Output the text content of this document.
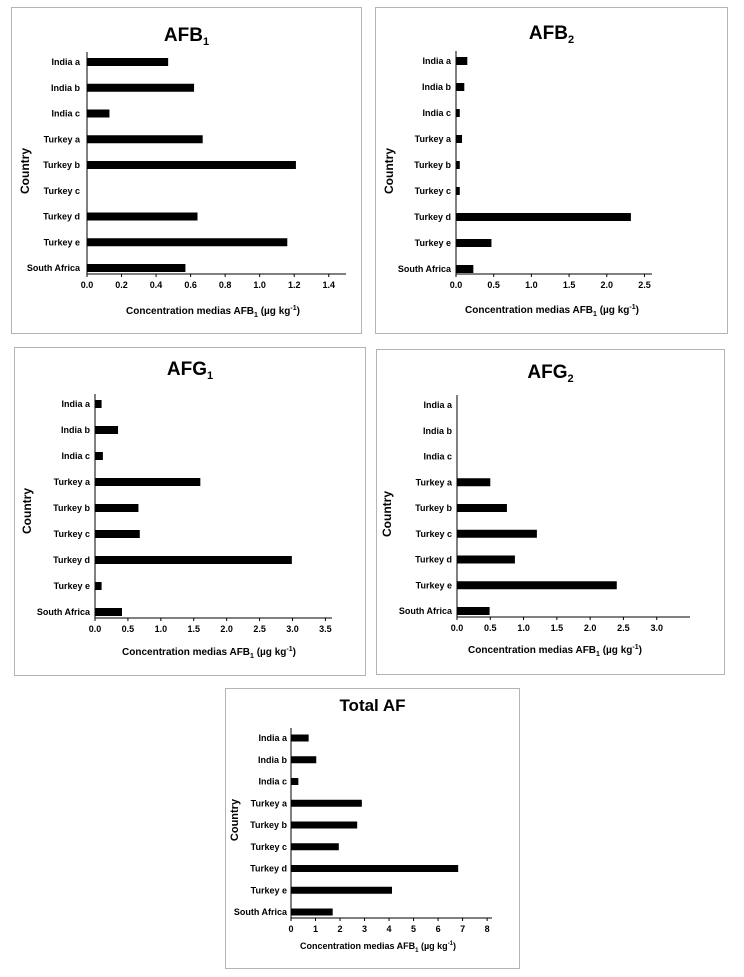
$AFB_1$
India a
India b
India c
Turkey a
Turkey b
Turkey c
Turkey d
Turkey e
South Africa
0.0 0.2 0.4 0.6 0.8 1.0 1.2 1.4
Concentration medias $AFB_1$ (µg $kg^{-1}$)
Country
$AFB_2$
India a
India b
India c
Turkey a
Turkey b
Turkey c
Turkey d
Turkey e
South Africa
0.0	0.5	1.0	1.5	2.0	2.5
Concentration medias $AFB_1$ (µg $kg^{-1}$)
Country
$AFG_1$
India a
India b
India c
Turkey a
Turkey b
Turkey c
Turkey d
Turkey e
South Africa
0.0 0.5 1.0 1.5 2.0 2.5 3.0 3.5
Concentration medias $AFB_1$ (µg $kg^{-1}$)
Country
$AFG_2$
India a
India b
India c
Turkey a
Turkey b
Turkey c
Turkey d
Turkey e
South Africa
0.0 0.5 1.0 1.5 2.0 2.5 3.0
Concentration medias $AFB_1$ (µg $kg^{-1}$)
Country
Total AF
India a
India b
India c
Turkey a
Turkey b
Turkey c
Turkey d
Turkey e
South Africa
0 1 2 3 4 5 6 7 8
Concentration medias $AFB_1$ (µg $kg^{-1}$)
Country
